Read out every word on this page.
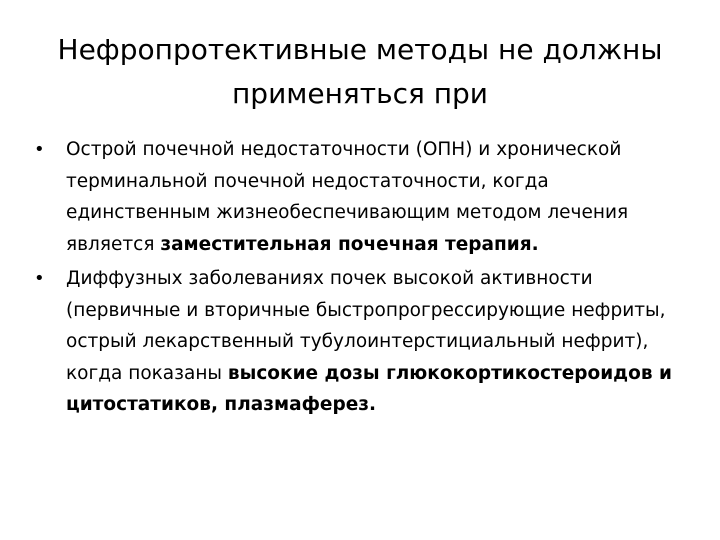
Нефропротективные методы не должны применяться при
•	Острой почечной недостаточности (ОПН) и хронической терминальной почечной недостаточности, когда единственным жизнеобеспечивающим методом лечения является заместительная почечная терапия.
•	Диффузных заболеваниях почек высокой активности (первичные и вторичные быстропрогрессирующие нефриты, острый лекарственный тубулоинтерстициальный нефрит), когда показаны высокие дозы глюкокортикостероидов и цитостатиков, плазмаферез.
